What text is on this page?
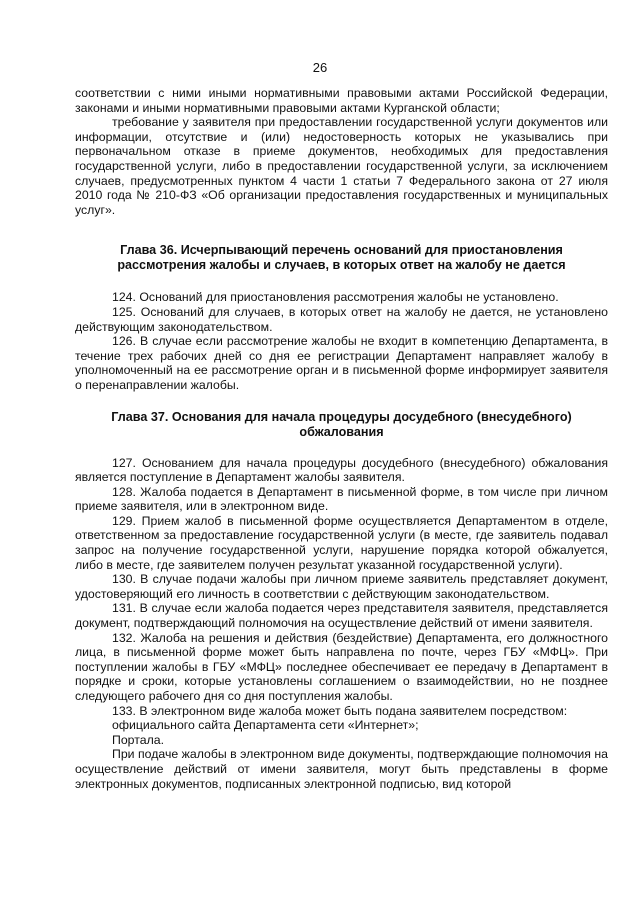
26

соответствии с ними иными нормативными правовыми актами Российской Федерации, законами и иными нормативными правовыми актами Курганской области;

требование у заявителя при предоставлении государственной услуги документов или информации, отсутствие и (или) недостоверность которых не указывались при первоначальном отказе в приеме документов, необходимых для предоставления государственной услуги, либо в предоставлении государственной услуги, за исключением случаев, предусмотренных пунктом 4 части 1 статьи 7 Федерального закона от 27 июля 2010 года № 210-ФЗ «Об организации предоставления государственных и муниципальных услуг».

Глава 36. Исчерпывающий перечень оснований для приостановления рассмотрения жалобы и случаев, в которых ответ на жалобу не дается

124. Оснований для приостановления рассмотрения жалобы не установлено.

125. Оснований для случаев, в которых ответ на жалобу не дается, не установлено действующим законодательством.

126. В случае если рассмотрение жалобы не входит в компетенцию Департамента, в течение трех рабочих дней со дня ее регистрации Департамент направляет жалобу в уполномоченный на ее рассмотрение орган и в письменной форме информирует заявителя о перенаправлении жалобы.

Глава 37. Основания для начала процедуры досудебного (внесудебного) обжалования

127. Основанием для начала процедуры досудебного (внесудебного) обжалования является поступление в Департамент жалобы заявителя.

128. Жалоба подается в Департамент в письменной форме, в том числе при личном приеме заявителя, или в электронном виде.

129. Прием жалоб в письменной форме осуществляется Департаментом в отделе, ответственном за предоставление государственной услуги (в месте, где заявитель подавал запрос на получение государственной услуги, нарушение порядка которой обжалуется, либо в месте, где заявителем получен результат указанной государственной услуги).

130. В случае подачи жалобы при личном приеме заявитель представляет документ, удостоверяющий его личность в соответствии с действующим законодательством.

131. В случае если жалоба подается через представителя заявителя, представляется документ, подтверждающий полномочия на осуществление действий от имени заявителя.

132. Жалоба на решения и действия (бездействие) Департамента, его должностного лица, в письменной форме может быть направлена по почте, через ГБУ «МФЦ». При поступлении жалобы в ГБУ «МФЦ» последнее обеспечивает ее передачу в Департамент в порядке и сроки, которые установлены соглашением о взаимодействии, но не позднее следующего рабочего дня со дня поступления жалобы.

133. В электронном виде жалоба может быть подана заявителем посредством:

официального сайта Департамента сети «Интернет»;

Портала.

При подаче жалобы в электронном виде документы, подтверждающие полномочия на осуществление действий от имени заявителя, могут быть представлены в форме электронных документов, подписанных электронной подписью, вид которой
